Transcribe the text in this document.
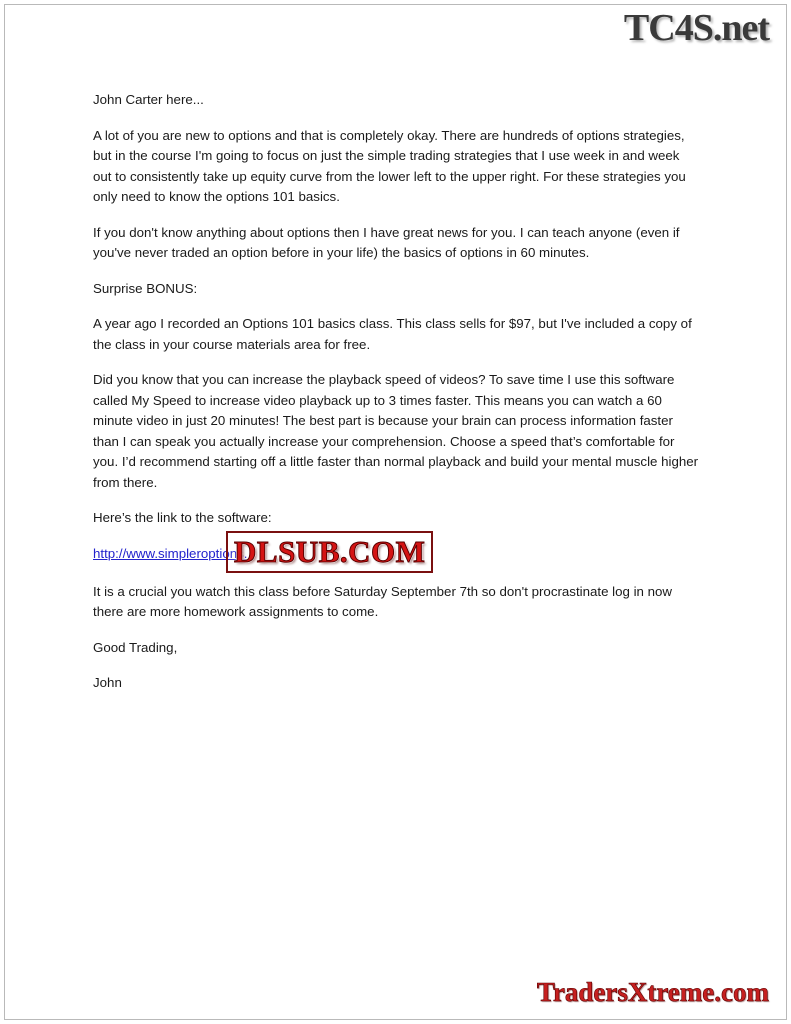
TC4S.net

John Carter here...

A lot of you are new to options and that is completely okay. There are hundreds of options strategies, but in the course I'm going to focus on just the simple trading strategies that I use week in and week out to consistently take up equity curve from the lower left to the upper right. For these strategies you only need to know the options 101 basics.

If you don't know anything about options then I have great news for you. I can teach anyone (even if you've never traded an option before in your life) the basics of options in 60 minutes.

Surprise BONUS:

A year ago I recorded an Options 101 basics class. This class sells for $97, but I've included a copy of the class in your course materials area for free.

Did you know that you can increase the playback speed of videos? To save time I use this software called My Speed to increase video playback up to 3 times faster. This means you can watch a 60 minute video in just 20 minutes! The best part is because your brain can process information faster than I can speak you actually increase your comprehension. Choose a speed that’s comfortable for you. I’d recommend starting off a little faster than normal playback and build your mental muscle higher from there.

Here’s the link to the software:

http://www.simpleroptions.
DLSUB.COM

It is a crucial you watch this class before Saturday September 7th so don't procrastinate log in now there are more homework assignments to come.

Good Trading,

John

TradersXtreme.com
